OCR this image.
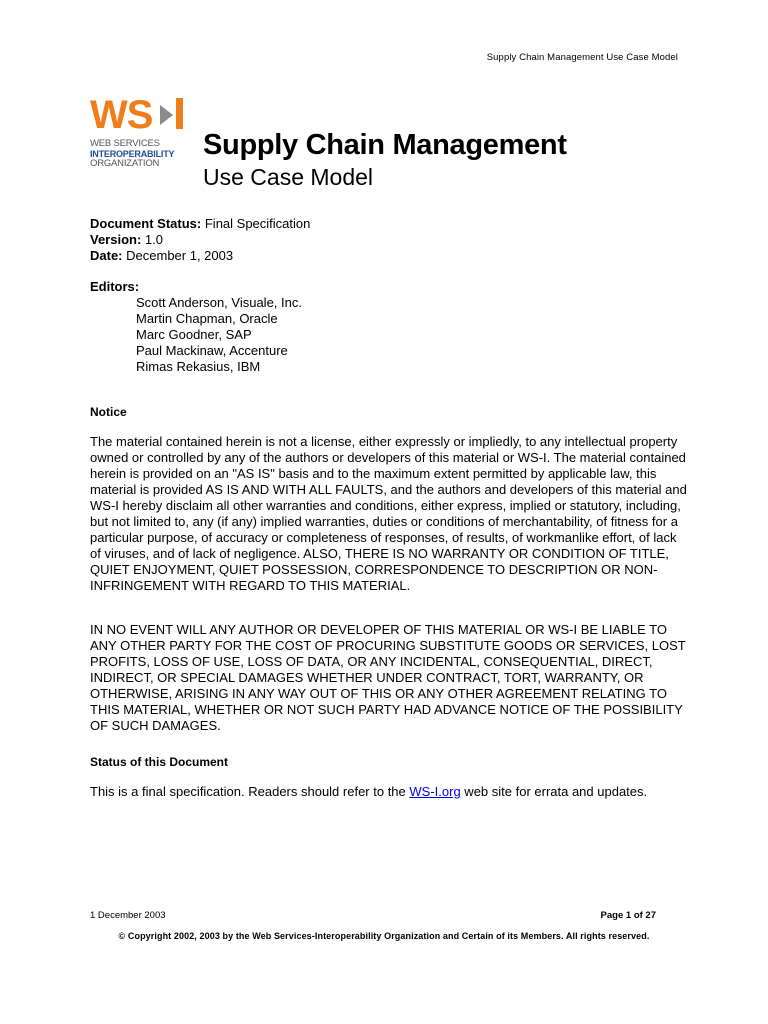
Supply Chain Management Use Case Model
WS
WEB SERVICES
INTEROPERABILITY
ORGANIZATION
Supply Chain Management
Use Case Model
Document Status: Final Specification
Version: 1.0
Date: December 1, 2003
Editors:
Scott Anderson, Visuale, Inc.
Martin Chapman, Oracle
Marc Goodner, SAP
Paul Mackinaw, Accenture
Rimas Rekasius, IBM
Notice

The material contained herein is not a license, either expressly or impliedly, to any intellectual property owned or controlled by any of the authors or developers of this material or WS-I. The material contained herein is provided on an "AS IS" basis and to the maximum extent permitted by applicable law, this material is provided AS IS AND WITH ALL FAULTS, and the authors and developers of this material and WS-I hereby disclaim all other warranties and conditions, either express, implied or statutory, including, but not limited to, any (if any) implied warranties, duties or conditions of merchantability, of fitness for a particular purpose, of accuracy or completeness of responses, of results, of workmanlike effort, of lack of viruses, and of lack of negligence. ALSO, THERE IS NO WARRANTY OR CONDITION OF TITLE, QUIET ENJOYMENT, QUIET POSSESSION, CORRESPONDENCE TO DESCRIPTION OR NON-INFRINGEMENT WITH REGARD TO THIS MATERIAL.

IN NO EVENT WILL ANY AUTHOR OR DEVELOPER OF THIS MATERIAL OR WS-I BE LIABLE TO ANY OTHER PARTY FOR THE COST OF PROCURING SUBSTITUTE GOODS OR SERVICES, LOST PROFITS, LOSS OF USE, LOSS OF DATA, OR ANY INCIDENTAL, CONSEQUENTIAL, DIRECT, INDIRECT, OR SPECIAL DAMAGES WHETHER UNDER CONTRACT, TORT, WARRANTY, OR OTHERWISE, ARISING IN ANY WAY OUT OF THIS OR ANY OTHER AGREEMENT RELATING TO THIS MATERIAL, WHETHER OR NOT SUCH PARTY HAD ADVANCE NOTICE OF THE POSSIBILITY OF SUCH DAMAGES.

Status of this Document

This is a final specification. Readers should refer to the WS-I.org web site for errata and updates.

1 December 2003	Page 1 of 27
© Copyright 2002, 2003 by the Web Services-Interoperability Organization and Certain of its Members. All rights reserved.
